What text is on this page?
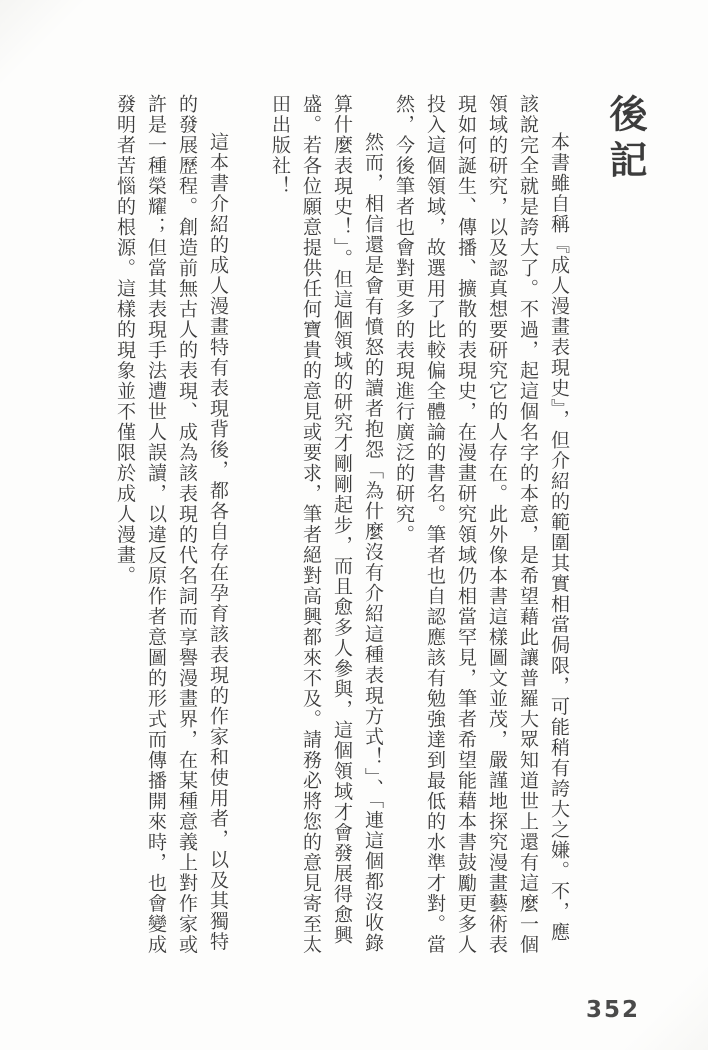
後記

本書雖自稱『成人漫畫表現史』，但介紹的範圍其實相當侷限，可能稍有誇大之嫌。不，應該說完全就是誇大了。不過，起這個名字的本意，是希望藉此讓普羅大眾知道世上還有這麼一個領域的研究，以及認真想要研究它的人存在。此外像本書這樣圖文並茂，嚴謹地探究漫畫藝術表現如何誕生、傳播、擴散的表現史，在漫畫研究領域仍相當罕見，筆者希望能藉本書鼓勵更多人投入這個領域，故選用了比較偏全體論的書名。筆者也自認應該有勉強達到最低的水準才對。當然，今後筆者也會對更多的表現進行廣泛的研究。

然而，相信還是會有憤怒的讀者抱怨「為什麼沒有介紹這種表現方式！」、「連這個都沒收錄算什麼表現史！」。但這個領域的研究才剛剛起步，而且愈多人參與，這個領域才會發展得愈興盛。若各位願意提供任何寶貴的意見或要求，筆者絕對高興都來不及。請務必將您的意見寄至太田出版社！

這本書介紹的成人漫畫特有表現背後，都各自存在孕育該表現的作家和使用者，以及其獨特的發展歷程。創造前無古人的表現、成為該表現的代名詞而享譽漫畫界，在某種意義上對作家或許是一種榮耀；但當其表現手法遭世人誤讀，以違反原作者意圖的形式而傳播開來時，也會變成發明者苦惱的根源。這樣的現象並不僅限於成人漫畫。

352
